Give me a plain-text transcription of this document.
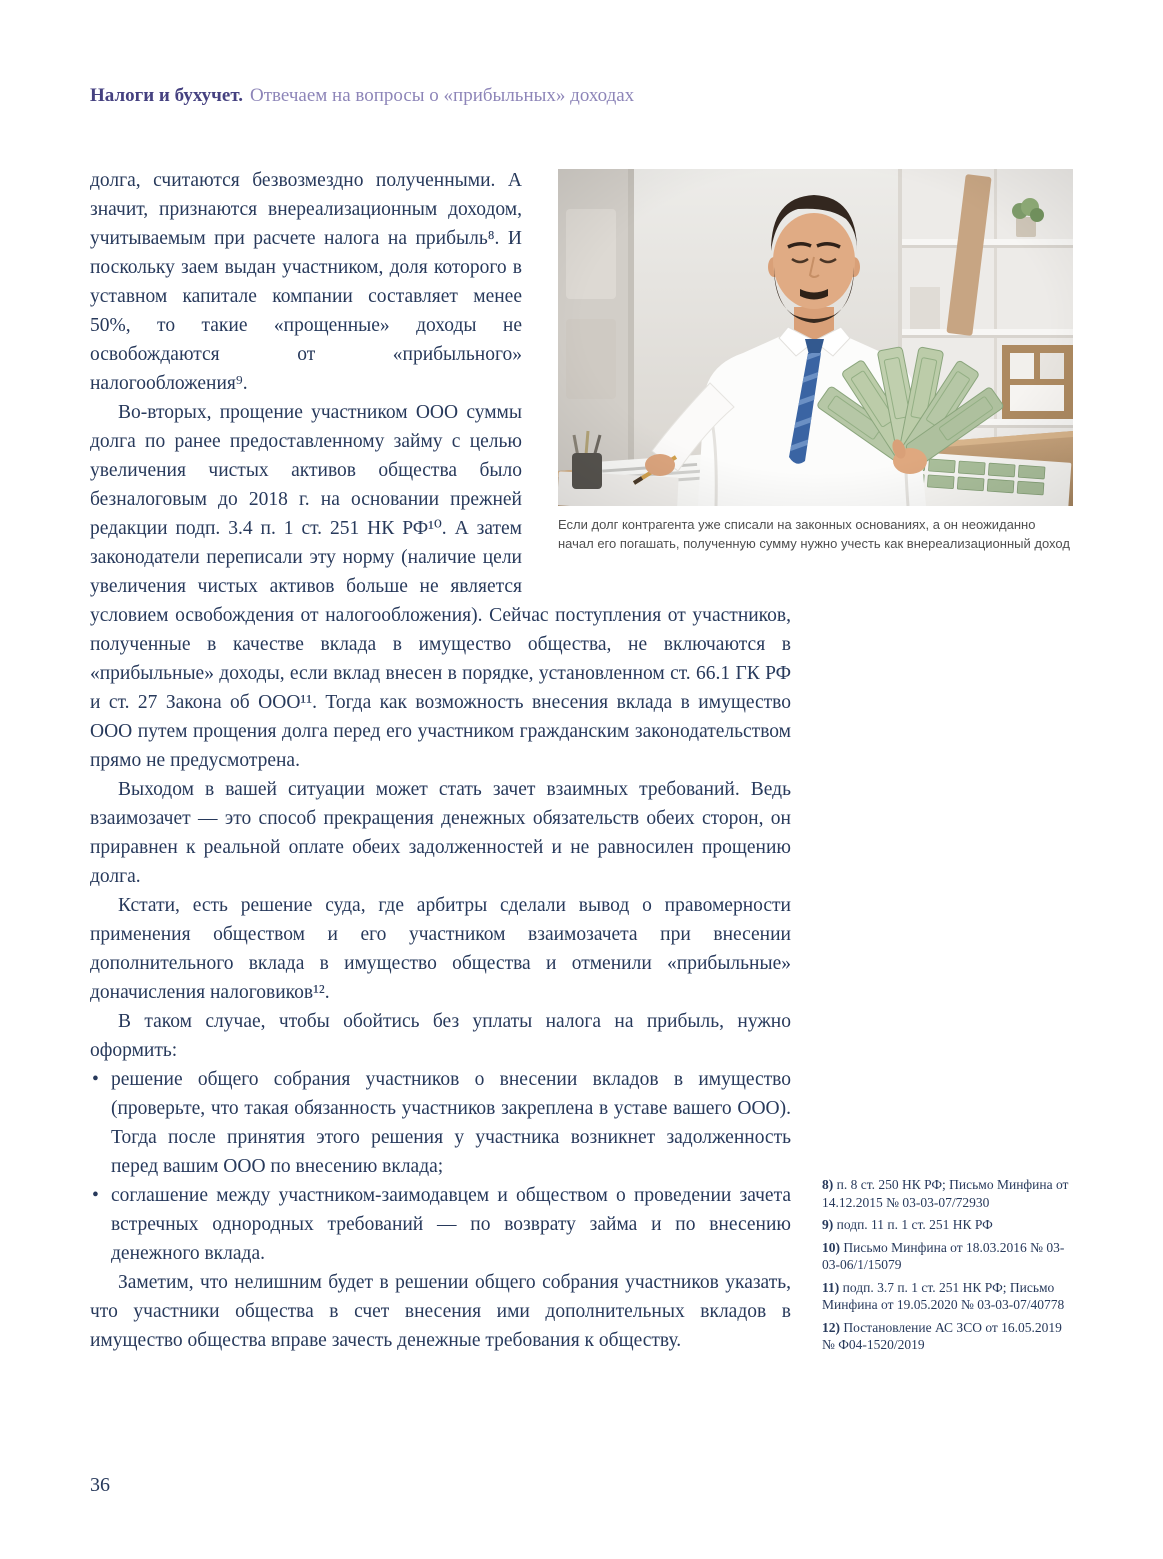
Налоги и бухучет. Отвечаем на вопросы о «прибыльных» доходах
Если долг контрагента уже списали на законных основаниях, а он неожиданно начал его погашать, полученную сумму нужно учесть как внереализационный доход

долга, считаются безвозмездно полученными. А значит, признаются внереализационным доходом, учитываемым при расчете налога на прибыль⁸. И поскольку заем выдан участником, доля которого в уставном капитале компании составляет менее 50%, то такие «прощенные» доходы не освобождаются от «прибыльного» налогообложения⁹.

Во-вторых, прощение участником ООО суммы долга по ранее предоставленному займу с целью увеличения чистых активов общества было безналоговым до 2018 г. на основании прежней редакции подп. 3.4 п. 1 ст. 251 НК РФ¹⁰. А затем законодатели переписали эту норму (наличие цели увеличения чистых активов больше не является условием освобождения от налогообложения). Сейчас поступления от участников, полученные в качестве вклада в имущество общества, не включаются в «прибыльные» доходы, если вклад внесен в порядке, установленном ст. 66.1 ГК РФ и ст. 27 Закона об ООО¹¹. Тогда как возможность внесения вклада в имущество ООО путем прощения долга перед его участником гражданским законодательством прямо не предусмотрена.

Выходом в вашей ситуации может стать зачет взаимных требований. Ведь взаимозачет — это способ прекращения денежных обязательств обеих сторон, он приравнен к реальной оплате обеих задолженностей и не равносилен прощению долга.

Кстати, есть решение суда, где арбитры сделали вывод о правомерности применения обществом и его участником взаимозачета при внесении дополнительного вклада в имущество общества и отменили «прибыльные» доначисления налоговиков¹².

В таком случае, чтобы обойтись без уплаты налога на прибыль, нужно оформить:

• решение общего собрания участников о внесении вкладов в имущество (проверьте, что такая обязанность участников закреплена в уставе вашего ООО). Тогда после принятия этого решения у участника возникнет задолженность перед вашим ООО по внесению вклада;
• соглашение между участником-заимодавцем и обществом о проведении зачета встречных однородных требований — по возврату займа и по внесению денежного вклада.

Заметим, что нелишним будет в решении общего собрания участников указать, что участники общества в счет внесения ими дополнительных вкладов в имущество общества вправе зачесть денежные требования к обществу.

8) п. 8 ст. 250 НК РФ; Письмо Минфина от 14.12.2015 № 03-03-07/72930
9) подп. 11 п. 1 ст. 251 НК РФ
10) Письмо Минфина от 18.03.2016 № 03-03-06/1/15079
11) подп. 3.7 п. 1 ст. 251 НК РФ; Письмо Минфина от 19.05.2020 № 03-03-07/40778
12) Постановление АС ЗСО от 16.05.2019 № Ф04-1520/2019
36
